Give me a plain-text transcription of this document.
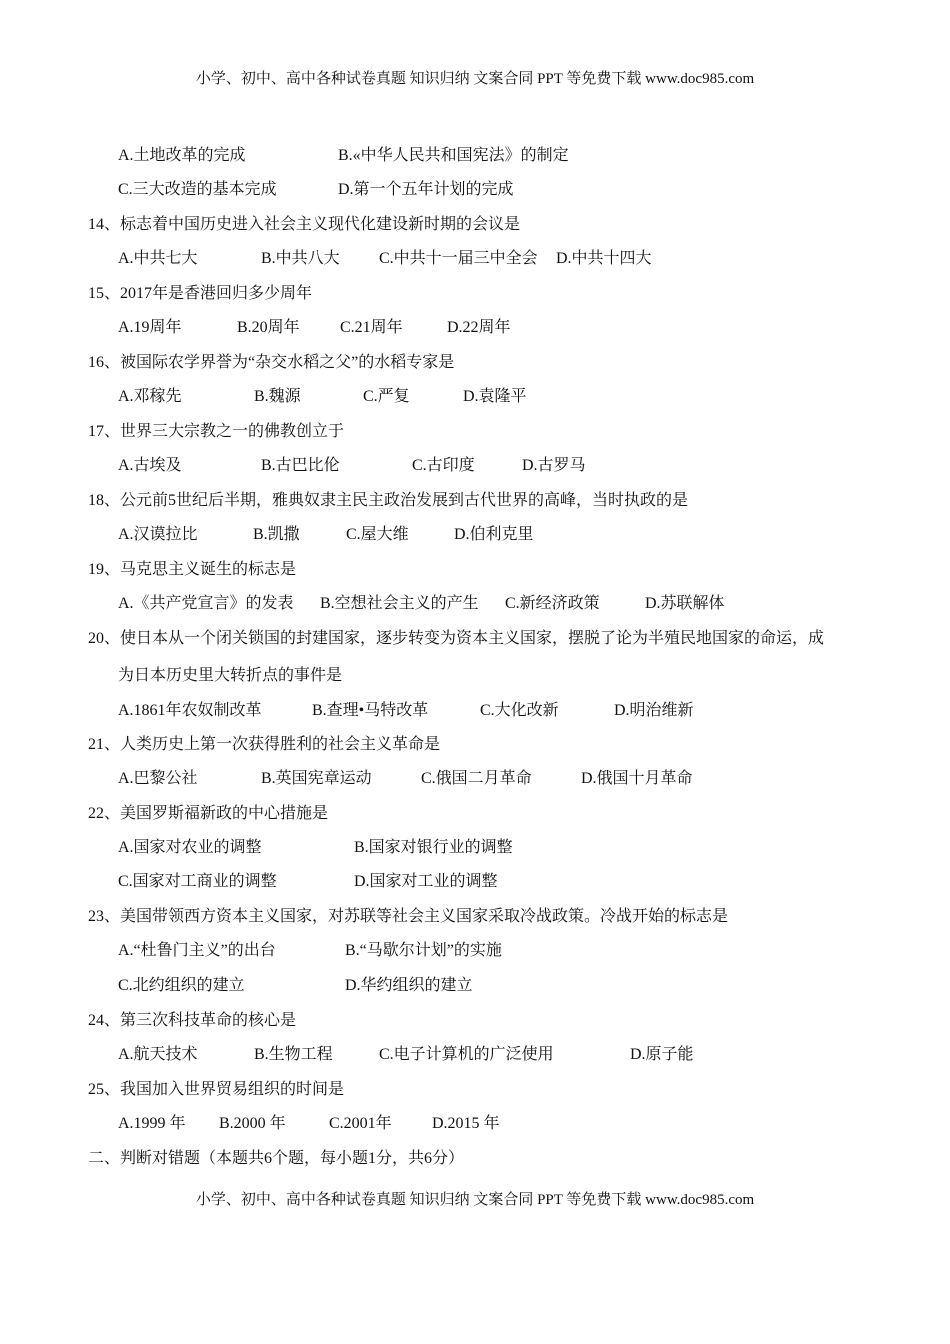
小学、初中、高中各种试卷真题 知识归纳 文案合同 PPT 等免费下载 www.doc985.com
A.土地改革的完成	B.«中华人民共和国宪法》的制定
C.三大改造的基本完成	D.第一个五年计划的完成
14、标志着中国历史进入社会主义现代化建设新时期的会议是
A.中共七大	B.中共八大 C.中共十一届三中全会 D.中共十四大
15、2017年是香港回归多少周年
A.19周年	B.20周年	C.21周年	D.22周年
16、被国际农学界誉为“杂交水稻之父”的水稻专家是
A.邓稼先	B.魏源	C.严复	D.袁隆平
17、世界三大宗教之一的佛教创立于
A.古埃及	B.古巴比伦	C.古印度	D.古罗马
18、公元前5世纪后半期，雅典奴隶主民主政治发展到古代世界的高峰，当时执政的是
A.汉谟拉比	B.凯撒	C.屋大维	D.伯利克里
19、马克思主义诞生的标志是
A.《共产党宣言》的发表 B.空想社会主义的产生 C.新经济政策	D.苏联解体
20、使日本从一个闭关锁国的封建国家，逐步转变为资本主义国家，摆脱了论为半殖民地国家的命运，成
为日本历史里大转折点的事件是
A.1861年农奴制改革	B.查理•马特改革	C.大化改新	D.明治维新
21、人类历史上第一次获得胜利的社会主义革命是
A.巴黎公社	B.英国宪章运动	C.俄国二月革命	D.俄国十月革命
22、美国罗斯福新政的中心措施是
A.国家对农业的调整	B.国家对银行业的调整
C.国家对工商业的调整	D.国家对工业的调整
23、美国带领西方资本主义国家，对苏联等社会主义国家采取冷战政策。冷战开始的标志是
A.“杜鲁门主义”的出台	B.“马歇尔计划”的实施
C.北约组织的建立	D.华约组织的建立
24、第三次科技革命的核心是
A.航天技术	B.生物工程	C.电子计算机的广泛使用	D.原子能
25、我国加入世界贸易组织的时间是
A.1999 年 B.2000 年	C.2001年	D.2015 年
二、判断对错题（本题共6个题，每小题1分，共6分）
小学、初中、高中各种试卷真题 知识归纳 文案合同 PPT 等免费下载 www.doc985.com
